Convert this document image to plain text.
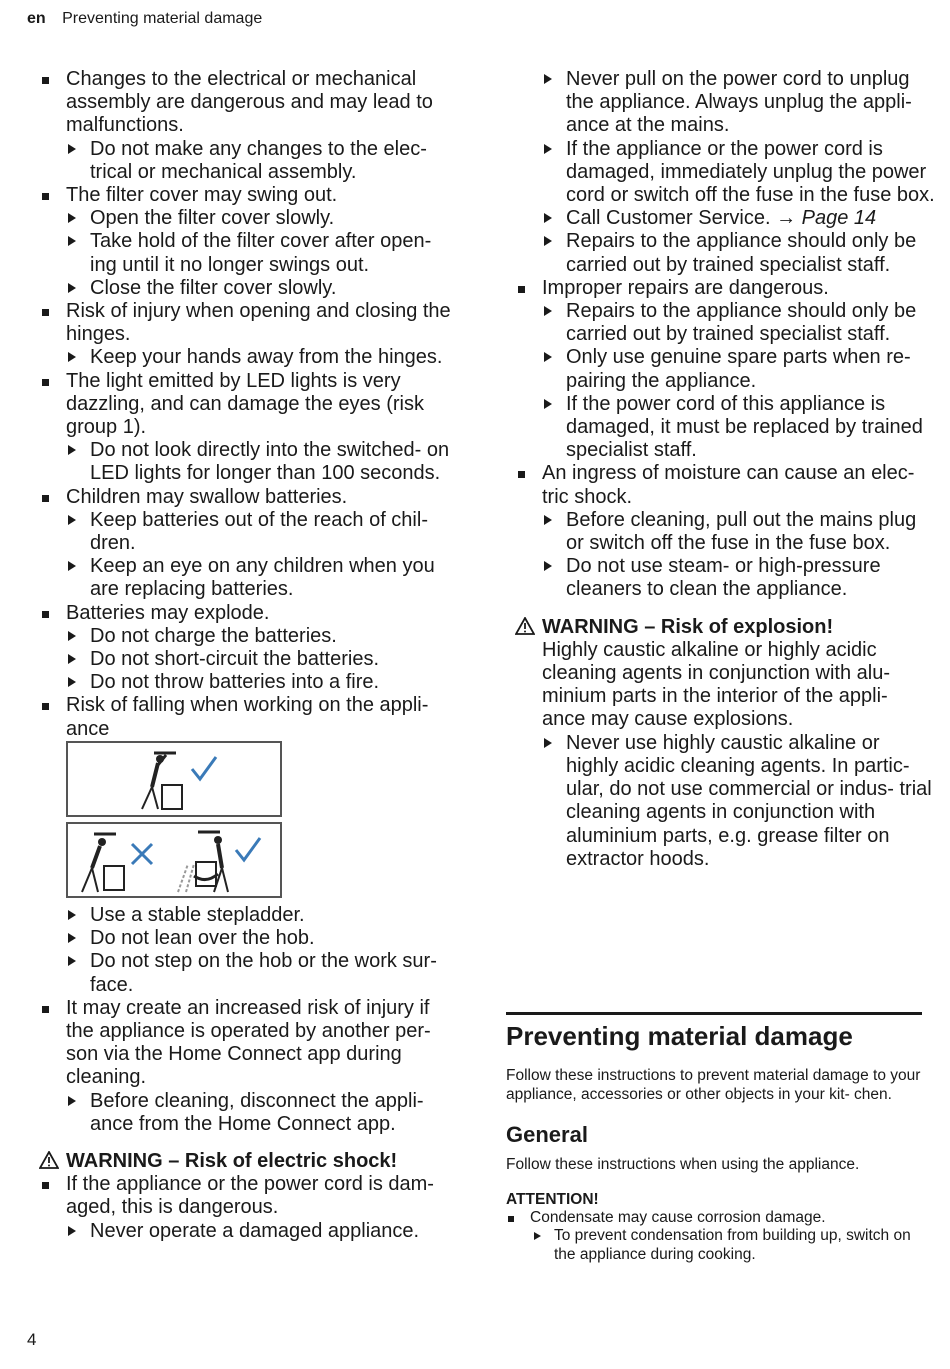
en Preventing material damage

Changes to the electrical or mechanical assembly are dangerous and may lead to malfunctions.

Do not make any changes to the elec- trical or mechanical assembly.

The filter cover may swing out.

Open the filter cover slowly.

Take hold of the filter cover after open- ing until it no longer swings out.

Close the filter cover slowly.

Risk of injury when opening and closing the hinges.

Keep your hands away from the hinges.

The light emitted by LED lights is very dazzling, and can damage the eyes (risk group 1).

Do not look directly into the switched- on LED lights for longer than 100 seconds.

Children may swallow batteries.

Keep batteries out of the reach of chil- dren.

Keep an eye on any children when you are replacing batteries.

Batteries may explode.

Do not charge the batteries.

Do not short-circuit the batteries.

Do not throw batteries into a fire.

Risk of falling when working on the appli- ance

Use a stable stepladder.

Do not lean over the hob.

Do not step on the hob or the work sur- face.

It may create an increased risk of injury if the appliance is operated by another per- son via the Home Connect app during cleaning.

Before cleaning, disconnect the appli- ance from the Home Connect app.

WARNING – Risk of electric shock!

If the appliance or the power cord is dam- aged, this is dangerous.

Never operate a damaged appliance.

Never pull on the power cord to unplug the appliance. Always unplug the appli- ance at the mains.

If the appliance or the power cord is damaged, immediately unplug the power cord or switch off the fuse in the fuse box.

Call Customer Service. → Page 14

Repairs to the appliance should only be carried out by trained specialist staff.

Improper repairs are dangerous.

Repairs to the appliance should only be carried out by trained specialist staff.

Only use genuine spare parts when re- pairing the appliance.

If the power cord of this appliance is damaged, it must be replaced by trained specialist staff.

An ingress of moisture can cause an elec- tric shock.

Before cleaning, pull out the mains plug or switch off the fuse in the fuse box.

Do not use steam- or high-pressure cleaners to clean the appliance.

WARNING – Risk of explosion!

Highly caustic alkaline or highly acidic cleaning agents in conjunction with alu- minium parts in the interior of the appli- ance may cause explosions.

Never use highly caustic alkaline or highly acidic cleaning agents. In partic- ular, do not use commercial or indus- trial cleaning agents in conjunction with aluminium parts, e.g. grease filter on extractor hoods.

Preventing material damage

Follow these instructions to prevent material damage to your appliance, accessories or other objects in your kit- chen.

General

Follow these instructions when using the appliance.

ATTENTION!

Condensate may cause corrosion damage.

To prevent condensation from building up, switch on the appliance during cooking.

4
